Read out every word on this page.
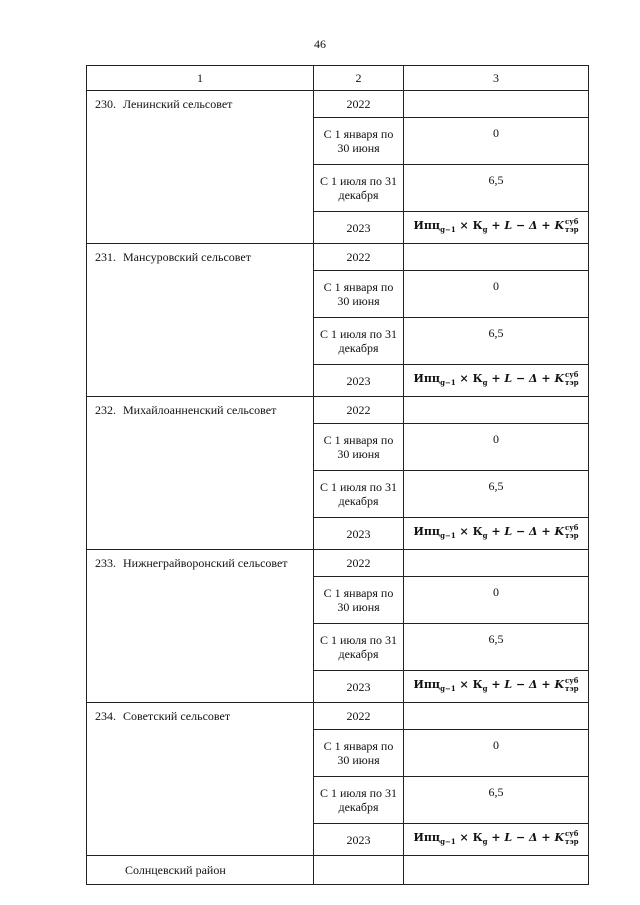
46
1	2	3
230. Ленинский сельсовет	2022	
	С 1 января по 30 июня	0
	С 1 июля по 31 декабря	6,5
	2023	$Ипц_{g-1} \times К_g + L - \Delta + K$ суб
тэр

231. Мансуровский сельсовет	2022	
	С 1 января по 30 июня	0
	С 1 июля по 31 декабря	6,5
	2023	$Ипц_{g-1} \times К_g + L - \Delta + K$ суб
тэр

232. Михайлоанненский сельсовет	2022	
	С 1 января по 30 июня	0
	С 1 июля по 31 декабря	6,5
	2023	$Ипц_{g-1} \times К_g + L - \Delta + K$ суб
тэр

233. Нижнеграйворонский сельсовет	2022	
	С 1 января по 30 июня	0
	С 1 июля по 31 декабря	6,5
	2023	$Ипц_{g-1} \times К_g + L - \Delta + K$ суб
тэр

234. Советский сельсовет	2022	
	С 1 января по 30 июня	0
	С 1 июля по 31 декабря	6,5
	2023	$Ипц_{g-1} \times К_g + L - \Delta + K$ суб
тэр

Солнцевский район		
